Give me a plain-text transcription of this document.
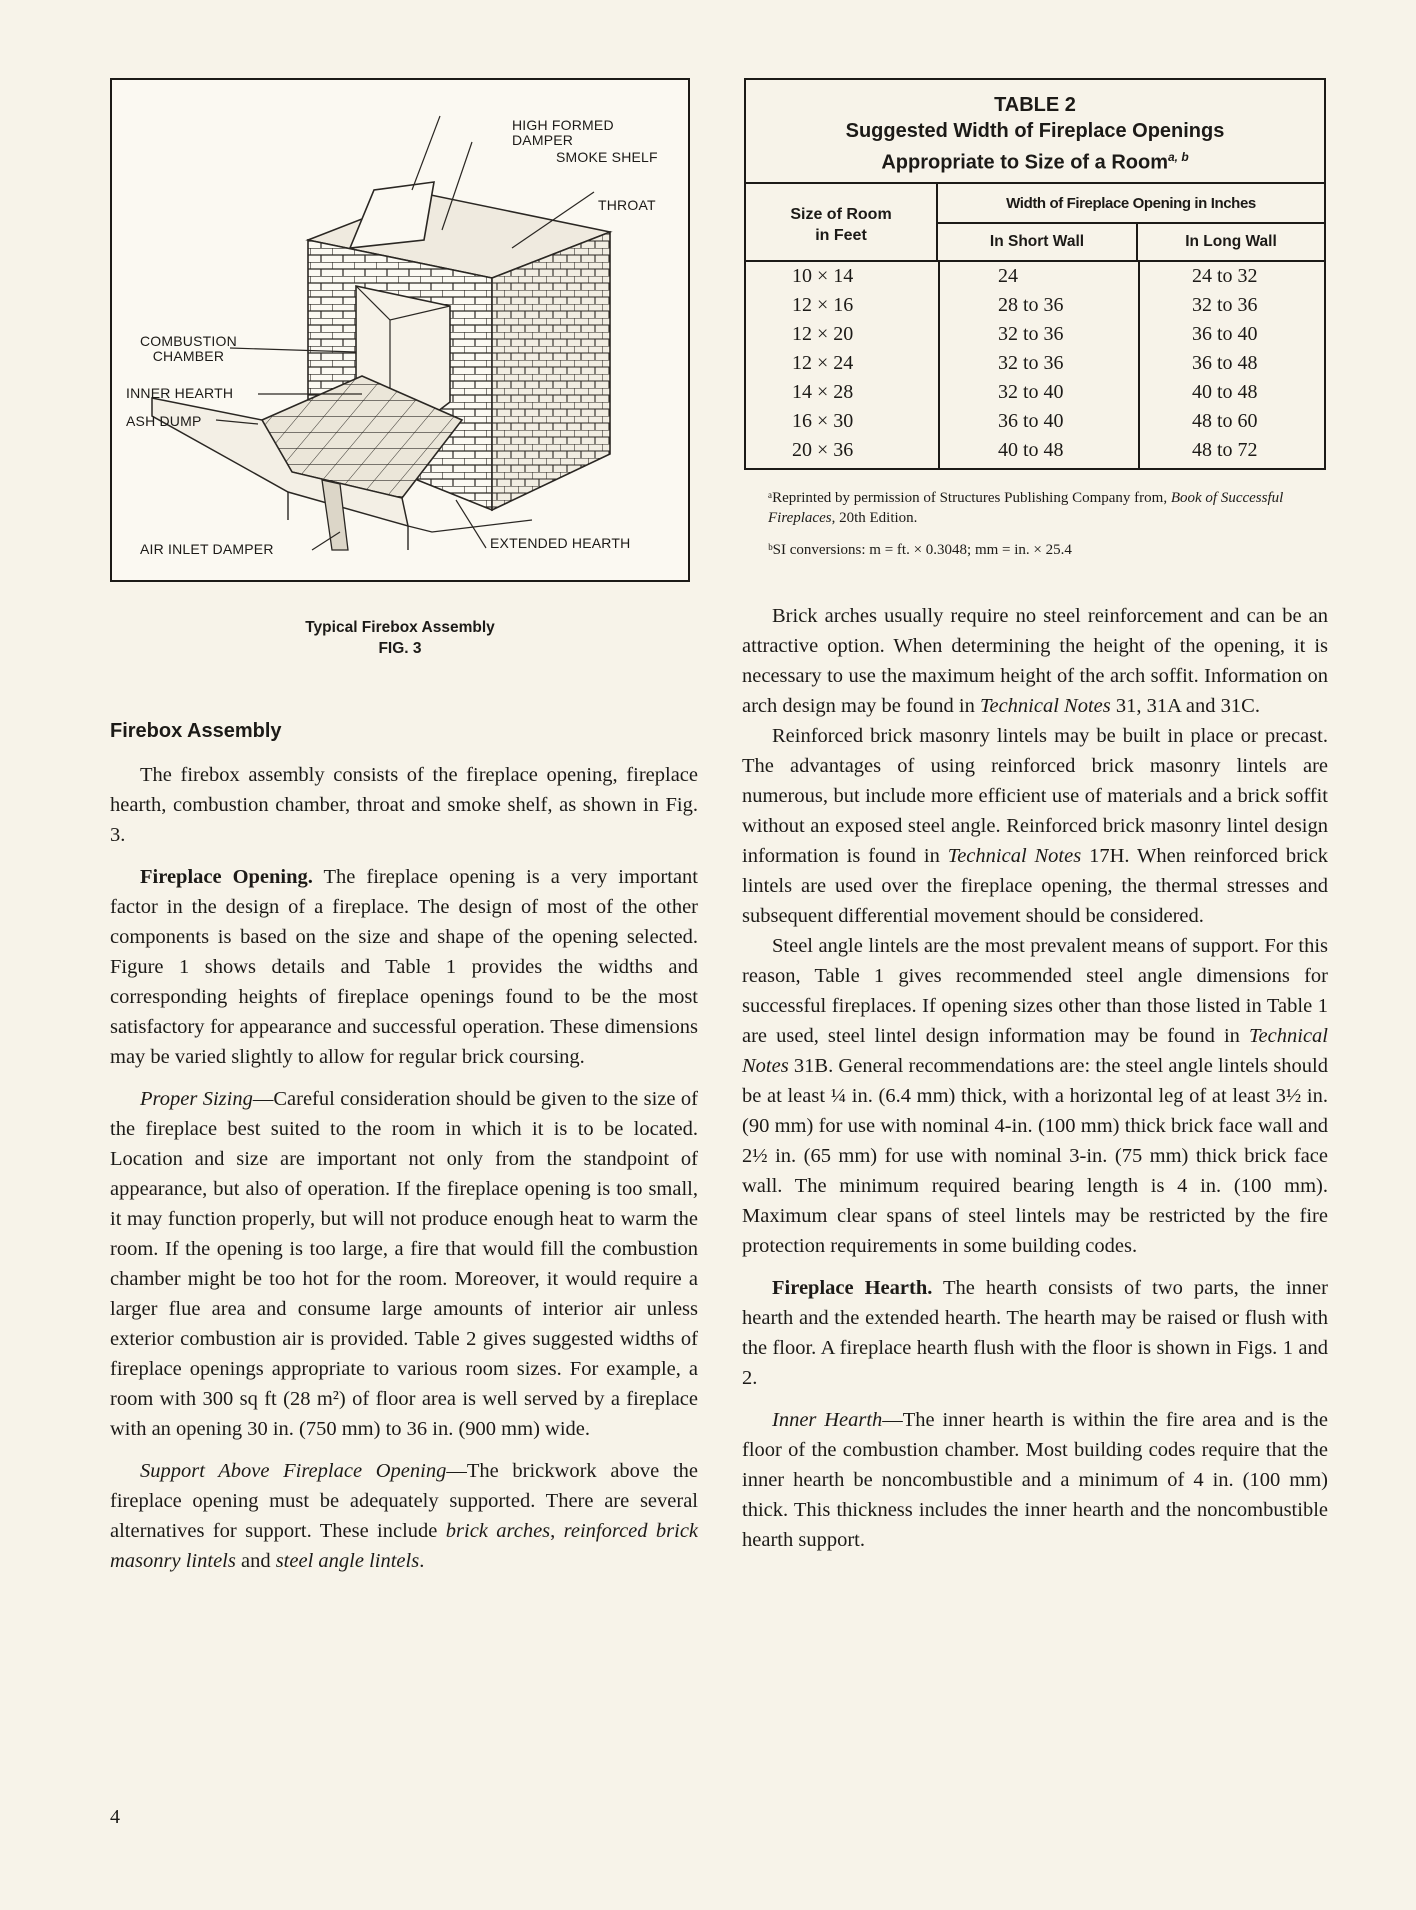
HIGH FORMED
DAMPER
SMOKE SHELF
THROAT
COMBUSTION
CHAMBER
INNER HEARTH
ASH DUMP
AIR INLET DAMPER	EXTENDED HEARTH
Typical Firebox Assembly
FIG. 3
Firebox Assembly

The firebox assembly consists of the fireplace opening, fireplace hearth, combustion chamber, throat and smoke shelf, as shown in Fig. 3.

Fireplace Opening. The fireplace opening is a very important factor in the design of a fireplace. The design of most of the other components is based on the size and shape of the opening selected. Figure 1 shows details and Table 1 provides the widths and corresponding heights of fireplace openings found to be the most satisfactory for appearance and successful operation. These dimensions may be varied slightly to allow for regular brick coursing.

Proper Sizing—Careful consideration should be given to the size of the fireplace best suited to the room in which it is to be located. Location and size are important not only from the standpoint of appearance, but also of operation. If the fireplace opening is too small, it may function properly, but will not produce enough heat to warm the room. If the opening is too large, a fire that would fill the combustion chamber might be too hot for the room. Moreover, it would require a larger flue area and consume large amounts of interior air unless exterior combustion air is provided. Table 2 gives suggested widths of fireplace openings appropriate to various room sizes. For example, a room with 300 sq ft (28 m²) of floor area is well served by a fireplace with an opening 30 in. (750 mm) to 36 in. (900 mm) wide.

Support Above Fireplace Opening—The brickwork above the fireplace opening must be adequately supported. There are several alternatives for support. These include brick arches, reinforced brick masonry lintels and steel angle lintels.

TABLE 2
Suggested Width of Fireplace Openings
Appropriate to Size of a Room$^{a, b}$
Size of Room
in Feet
Width of Fireplace Opening in Inches
In Short Wall	In Long Wall
10 × 14	24	24 to 32
12 × 16	28 to 36	32 to 36
12 × 20	32 to 36	36 to 40
12 × 24	32 to 36	36 to 48
14 × 28	32 to 40	40 to 48
16 × 30	36 to 40	48 to 60
20 × 36	40 to 48	48 to 72
ᵃReprinted by permission of Structures Publishing Company from, Book of Successful Fireplaces, 20th Edition.
ᵇSI conversions: m = ft. × 0.3048; mm = in. × 25.4

Brick arches usually require no steel reinforcement and can be an attractive option. When determining the height of the opening, it is necessary to use the maximum height of the arch soffit. Information on arch design may be found in Technical Notes 31, 31A and 31C.

Reinforced brick masonry lintels may be built in place or precast. The advantages of using reinforced brick masonry lintels are numerous, but include more efficient use of materials and a brick soffit without an exposed steel angle. Reinforced brick masonry lintel design information is found in Technical Notes 17H. When reinforced brick lintels are used over the fireplace opening, the thermal stresses and subsequent differential movement should be considered.

Steel angle lintels are the most prevalent means of support. For this reason, Table 1 gives recommended steel angle dimensions for successful fireplaces. If opening sizes other than those listed in Table 1 are used, steel lintel design information may be found in Technical Notes 31B. General recommendations are: the steel angle lintels should be at least ¼ in. (6.4 mm) thick, with a horizontal leg of at least 3½ in. (90 mm) for use with nominal 4-in. (100 mm) thick brick face wall and 2½ in. (65 mm) for use with nominal 3-in. (75 mm) thick brick face wall. The minimum required bearing length is 4 in. (100 mm). Maximum clear spans of steel lintels may be restricted by the fire protection requirements in some building codes.

Fireplace Hearth. The hearth consists of two parts, the inner hearth and the extended hearth. The hearth may be raised or flush with the floor. A fireplace hearth flush with the floor is shown in Figs. 1 and 2.

Inner Hearth—The inner hearth is within the fire area and is the floor of the combustion chamber. Most building codes require that the inner hearth be noncombustible and a minimum of 4 in. (100 mm) thick. This thickness includes the inner hearth and the noncombustible hearth support.

4
